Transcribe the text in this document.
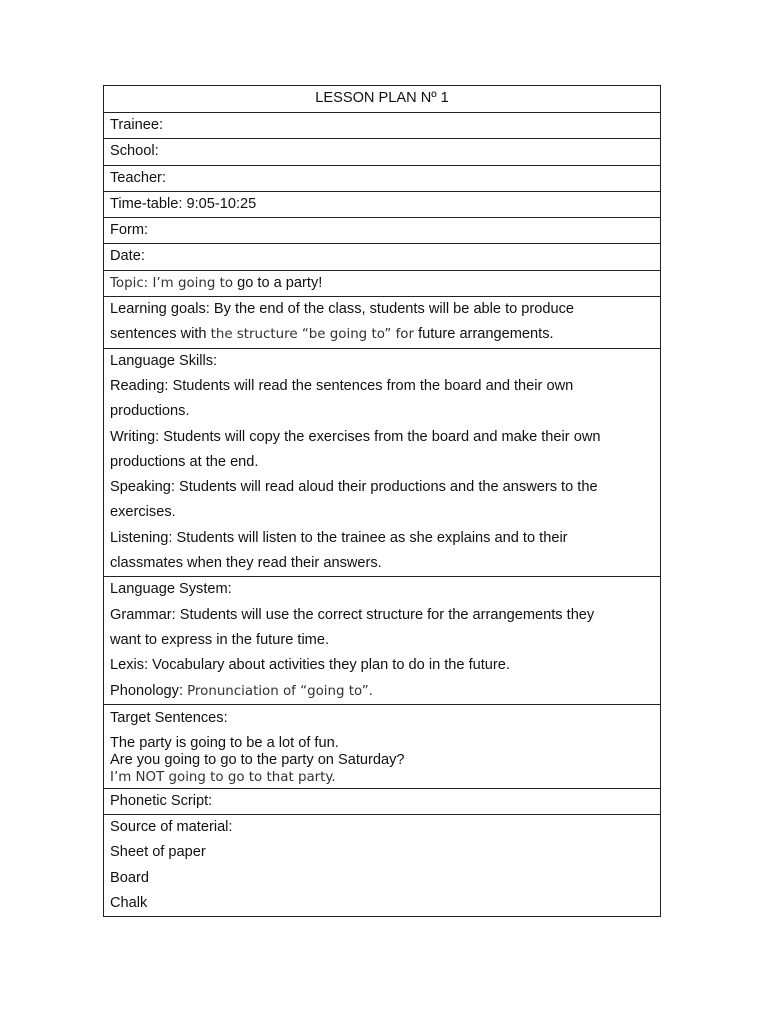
LESSON PLAN Nº 1
Trainee:
School:
Teacher:
Time-table: 9:05-10:25
Form:
Date:
Topic: I’m going to go to a party!

Learning goals: By the end of the class, students will be able to produce
sentences with the structure “be going to” for future arrangements.

Language Skills:
Reading: Students will read the sentences from the board and their own
productions.
Writing: Students will copy the exercises from the board and make their own
productions at the end.
Speaking: Students will read aloud their productions and the answers to the
exercises.
Listening: Students will listen to the trainee as she explains and to their
classmates when they read their answers.

Language System:
Grammar: Students will use the correct structure for the arrangements they
want to express in the future time.
Lexis: Vocabulary about activities they plan to do in the future.
Phonology: Pronunciation of “going to”.

Target Sentences:
The party is going to be a lot of fun.
Are you going to go to the party on Saturday?
I’m NOT going to go to that party.

Phonetic Script:

Source of material:
Sheet of paper
Board
Chalk
